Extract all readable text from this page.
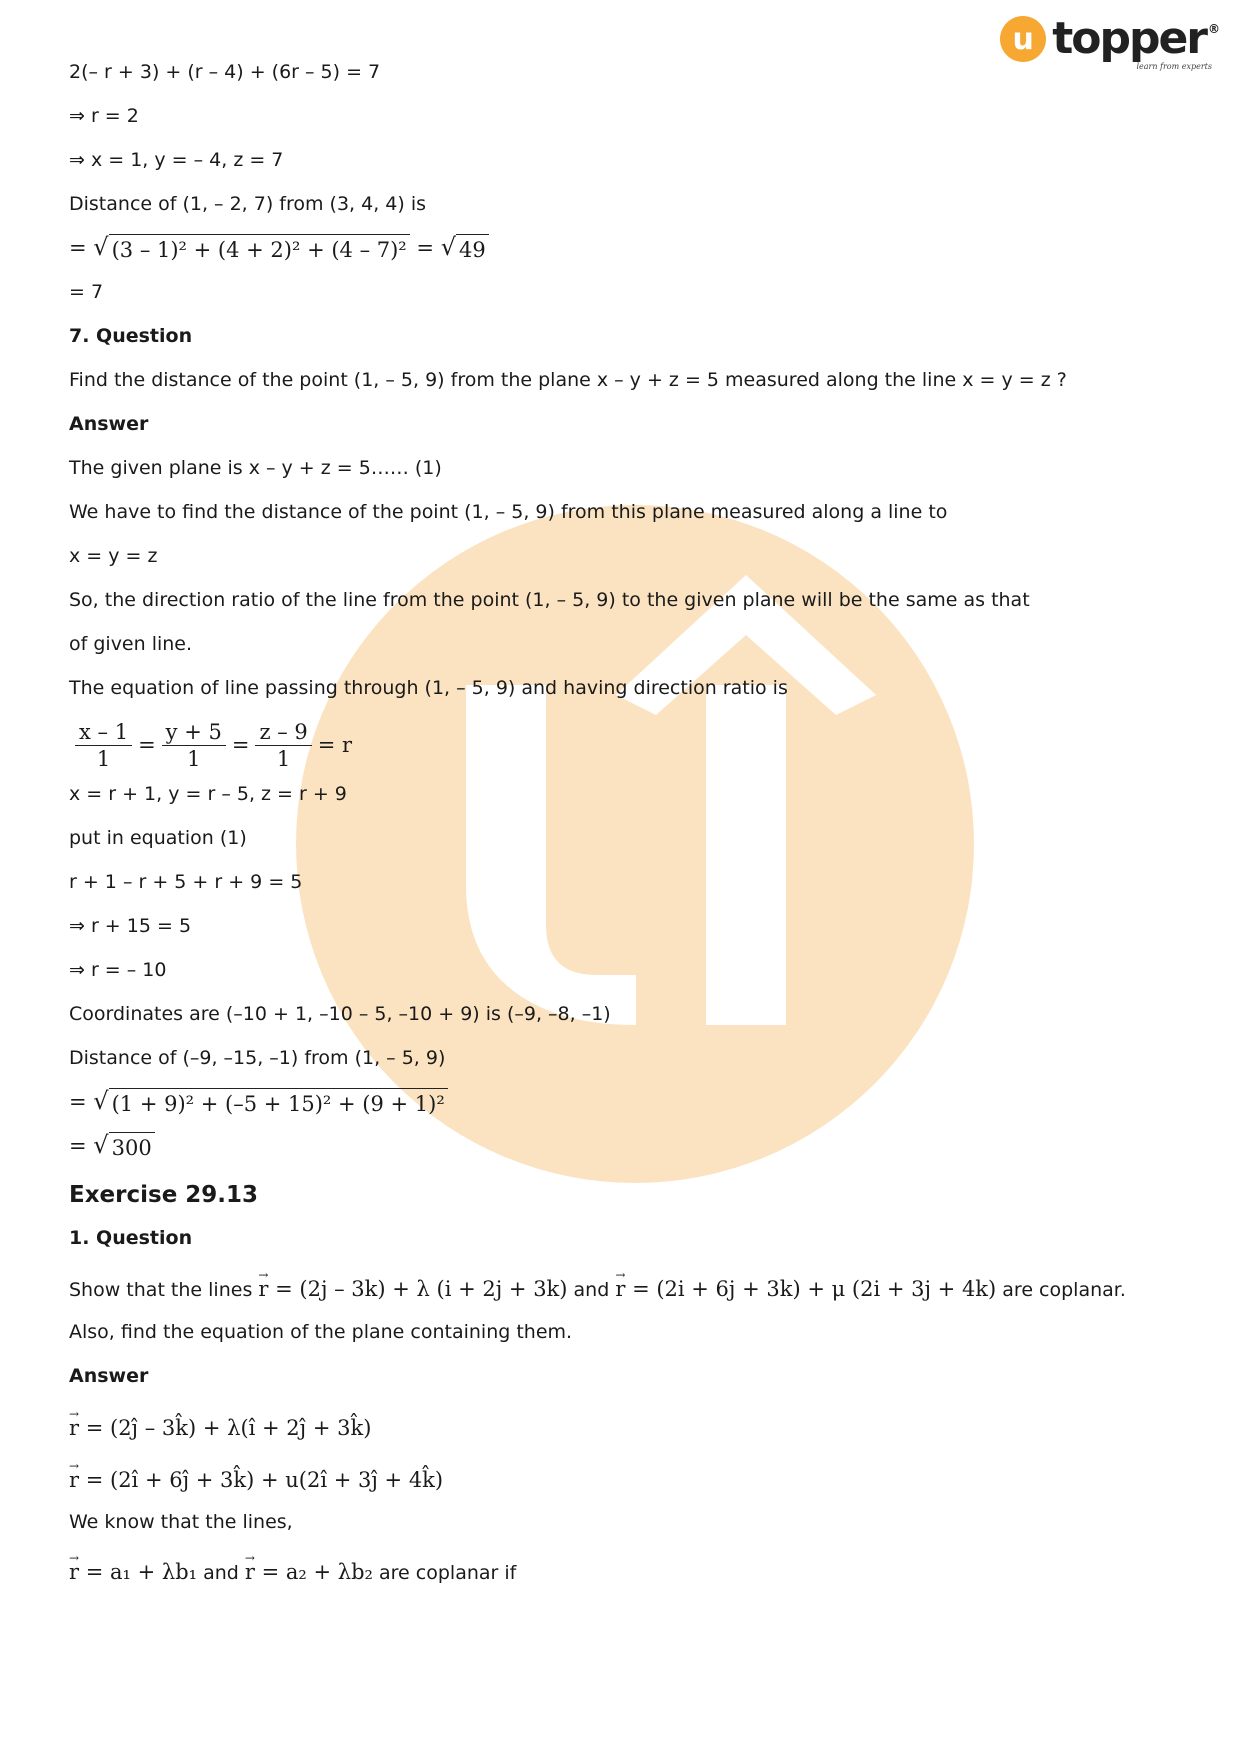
u topper ®
learn from experts
2(– r + 3) + (r – 4) + (6r – 5) = 7
⇒ r = 2
⇒ x = 1, y = – 4, z = 7
Distance of (1, – 2, 7) from (3, 4, 4) is
= √ (3 – 1)² + (4 + 2)² + (4 – 7)² = √ 49
= 7
7. Question
Find the distance of the point (1, – 5, 9) from the plane x – y + z = 5 measured along the line x = y = z ?
Answer
The given plane is x – y + z = 5…… (1)
We have to find the distance of the point (1, – 5, 9) from this plane measured along a line to
x = y = z
So, the direction ratio of the line from the point (1, – 5, 9) to the given plane will be the same as that
of given line.
The equation of line passing through (1, – 5, 9) and having direction ratio is
$\frac{x - 1}{1} = \frac{y + 5}{1} = \frac{z - 9}{1} = r$
x = r + 1, y = r – 5, z = r + 9
put in equation (1)
r + 1 – r + 5 + r + 9 = 5
⇒ r + 15 = 5
⇒ r = – 10
Coordinates are (–10 + 1, –10 – 5, –10 + 9) is (–9, –8, –1)
Distance of (–9, –15, –1) from (1, – 5, 9)
= √ (1 + 9)² + (–5 + 15)² + (9 + 1)²
= √ 300
Exercise 29.13
1. Question
Show that the lines → r = (2j – 3k) + λ (i + 2j + 3k) and → r = (2i + 6j + 3k) + μ (2i + 3j + 4k) are coplanar.
Also, find the equation of the plane containing them.
Answer
→ r = (2ĵ – 3k̂) + λ(î + 2ĵ + 3k̂)
→ r = (2î + 6ĵ + 3k̂) + u(2î + 3ĵ + 4k̂)
We know that the lines,
→ r = a₁ + λb₁ and → r = a₂ + λb₂ are coplanar if
